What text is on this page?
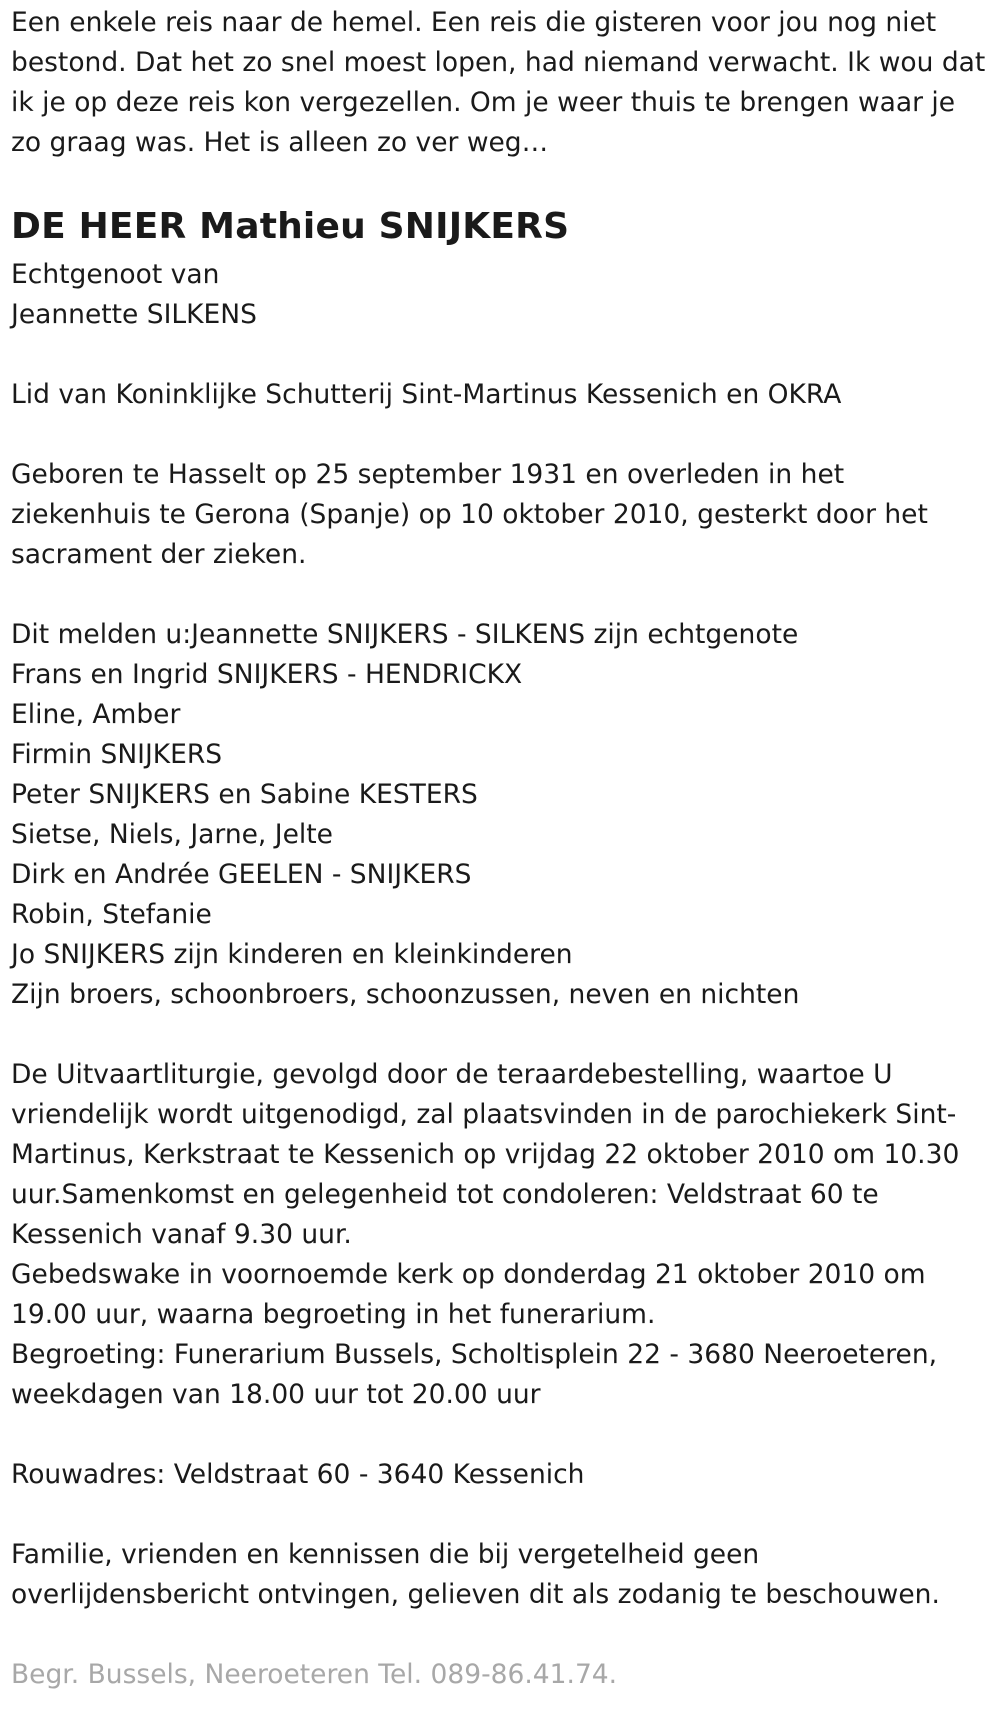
Een enkele reis naar de hemel. Een reis die gisteren voor jou nog niet bestond. Dat het zo snel moest lopen, had niemand verwacht. Ik wou dat ik je op deze reis kon vergezellen. Om je weer thuis te brengen waar je zo graag was. Het is alleen zo ver weg…

DE HEER Mathieu SNIJKERS
Echtgenoot van
Jeannette SILKENS
Lid van Koninklijke Schutterij Sint-Martinus Kessenich en OKRA
Geboren te Hasselt op 25 september 1931 en overleden in het ziekenhuis te Gerona (Spanje) op 10 oktober 2010, gesterkt door het sacrament der zieken.
Dit melden u:Jeannette SNIJKERS - SILKENS zijn echtgenote
Frans en Ingrid SNIJKERS - HENDRICKX
Eline, Amber
Firmin SNIJKERS
Peter SNIJKERS en Sabine KESTERS
Sietse, Niels, Jarne, Jelte
Dirk en Andrée GEELEN - SNIJKERS
Robin, Stefanie
Jo SNIJKERS zijn kinderen en kleinkinderen
Zijn broers, schoonbroers, schoonzussen, neven en nichten
De Uitvaartliturgie, gevolgd door de teraardebestelling, waartoe U vriendelijk wordt uitgenodigd, zal plaatsvinden in de parochiekerk Sint-Martinus, Kerkstraat te Kessenich op vrijdag 22 oktober 2010 om 10.30 uur.Samenkomst en gelegenheid tot condoleren: Veldstraat 60 te Kessenich vanaf 9.30 uur.
Gebedswake in voornoemde kerk op donderdag 21 oktober 2010 om 19.00 uur, waarna begroeting in het funerarium.
Begroeting: Funerarium Bussels, Scholtisplein 22 - 3680 Neeroeteren, weekdagen van 18.00 uur tot 20.00 uur
Rouwadres: Veldstraat 60 - 3640 Kessenich
Familie, vrienden en kennissen die bij vergetelheid geen overlijdensbericht ontvingen, gelieven dit als zodanig te beschouwen.
Begr. Bussels, Neeroeteren Tel. 089-86.41.74.
